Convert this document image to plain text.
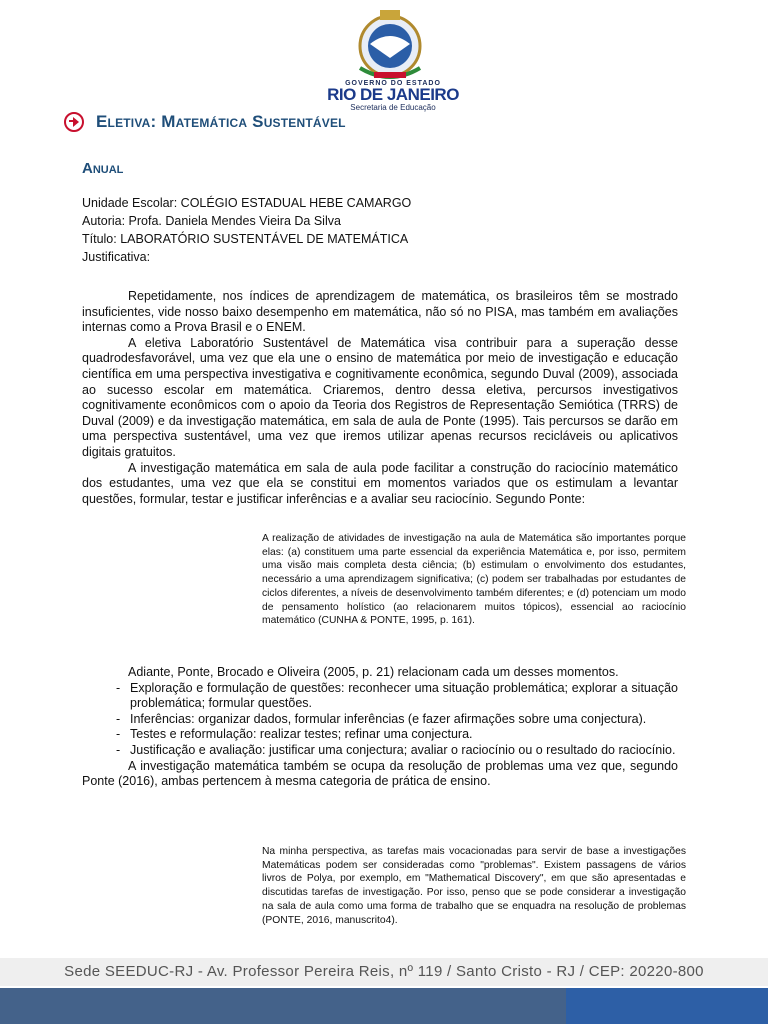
GOVERNO DO ESTADO
RIO DE JANEIRO
Secretaria de Educação
Eletiva: Matemática Sustentável
Anual
Unidade Escolar: COLÉGIO ESTADUAL HEBE CAMARGO
Autoria: Profa. Daniela Mendes Vieira Da Silva
Título: LABORATÓRIO SUSTENTÁVEL DE MATEMÁTICA
Justificativa:

Repetidamente, nos índices de aprendizagem de matemática, os brasileiros têm se mostrado insuficientes, vide nosso baixo desempenho em matemática, não só no PISA, mas também em avaliações internas como a Prova Brasil e o ENEM.

A eletiva Laboratório Sustentável de Matemática visa contribuir para a superação desse quadrodesfavorável, uma vez que ela une o ensino de matemática por meio de investigação e educação científica em uma perspectiva investigativa e cognitivamente econômica, segundo Duval (2009), associada ao sucesso escolar em matemática. Criaremos, dentro dessa eletiva, percursos investigativos cognitivamente econômicos com o apoio da Teoria dos Registros de Representação Semiótica (TRRS) de Duval (2009) e da investigação matemática, em sala de aula de Ponte (1995). Tais percursos se darão em uma perspectiva sustentável, uma vez que iremos utilizar apenas recursos recicláveis ou aplicativos digitais gratuitos.

A investigação matemática em sala de aula pode facilitar a construção do raciocínio matemático dos estudantes, uma vez que ela se constitui em momentos variados que os estimulam a levantar questões, formular, testar e justificar inferências e a avaliar seu raciocínio. Segundo Ponte:

A realização de atividades de investigação na aula de Matemática são importantes porque elas: (a) constituem uma parte essencial da experiência Matemática e, por isso, permitem uma visão mais completa desta ciência; (b) estimulam o envolvimento dos estudantes, necessário a uma aprendizagem significativa; (c) podem ser trabalhadas por estudantes de ciclos diferentes, a níveis de desenvolvimento também diferentes; e (d) potenciam um modo de pensamento holístico (ao relacionarem muitos tópicos), essencial ao raciocínio matemático (CUNHA & PONTE, 1995, p. 161).

Adiante, Ponte, Brocado e Oliveira (2005, p. 21) relacionam cada um desses momentos.

- Exploração e formulação de questões: reconhecer uma situação problemática; explorar a situação problemática; formular questões.
- Inferências: organizar dados, formular inferências (e fazer afirmações sobre uma conjectura).
- Testes e reformulação: realizar testes; refinar uma conjectura.
- Justificação e avaliação: justificar uma conjectura; avaliar o raciocínio ou o resultado do raciocínio.

A investigação matemática também se ocupa da resolução de problemas uma vez que, segundo Ponte (2016), ambas pertencem à mesma categoria de prática de ensino.

Na minha perspectiva, as tarefas mais vocacionadas para servir de base a investigações Matemáticas podem ser consideradas como "problemas". Existem passagens de vários livros de Polya, por exemplo, em "Mathematical Discovery", em que são apresentadas e discutidas tarefas de investigação. Por isso, penso que se pode considerar a investigação na sala de aula como uma forma de trabalho que se enquadra na resolução de problemas (PONTE, 2016, manuscrito4).
Sede SEEDUC-RJ - Av. Professor Pereira Reis, nº 119 / Santo Cristo - RJ / CEP: 20220-800
